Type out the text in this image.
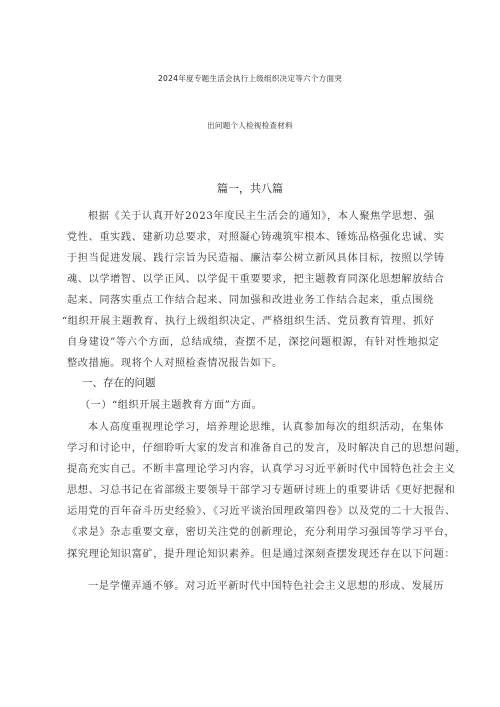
2024年度专题生活会执行上级组织决定等六个方面突
出问题个人检视检查材料
篇一，共八篇
根据《关于认真开好2023年度民主生活会的通知》，本人聚焦学思想、强
党性、重实践、建新功总要求，对照凝心铸魂筑牢根本、锤炼品格强化忠诚、实
于担当促进发展、践行宗旨为民造福、廉洁奉公树立新风具体目标，按照以学铸
魂、以学增智、以学正风、以学促干重要要求，把主题教育同深化思想解放结合
起来、同落实重点工作结合起来、同加强和改进业务工作结合起来，重点围绕
“组织开展主题教育、执行上级组织决定、严格组织生活、党员教育管理、抓好
自身建设”等六个方面，总结成绩，查摆不足，深挖问题根源，有针对性地拟定
整改措施。现将个人对照检查情况报告如下。
一、存在的问题
（一）“组织开展主题教育方面”方面。
本人高度重视理论学习，培养理论思维，认真参加每次的组织活动，在集体
学习和讨论中，仔细聆听大家的发言和准备自己的发言，及时解决自己的思想问题，
提高充实自己。不断丰富理论学习内容，认真学习习近平新时代中国特色社会主义
思想、习总书记在省部级主要领导干部学习专题研讨班上的重要讲话《更好把握和
运用党的百年奋斗历史经验》、《习近平谈治国理政第四卷》以及党的二十大报告、
《求是》杂志重要文章，密切关注党的创新理论，充分利用学习强国等学习平台，
探究理论知识富矿，提升理论知识素养。但是通过深刻查摆发现还存在以下问题：
一是学懂弄通不够。对习近平新时代中国特色社会主义思想的形成、发展历
